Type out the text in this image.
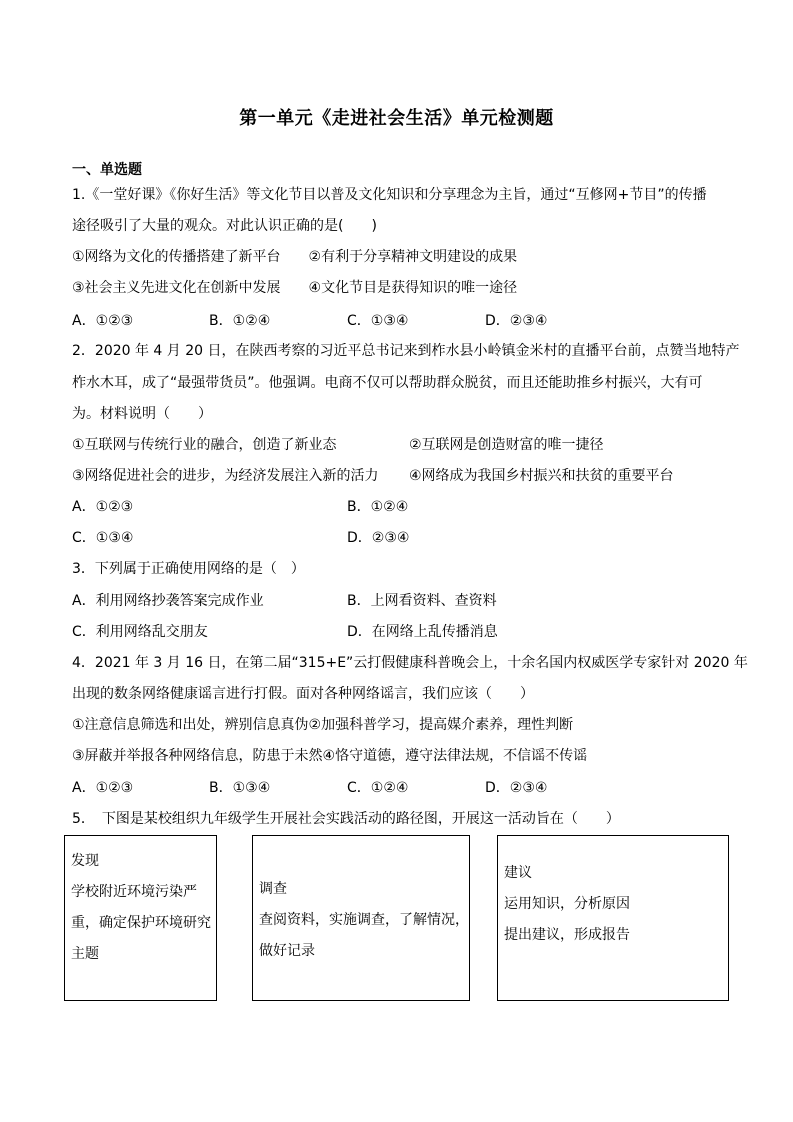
第一单元《走进社会生活》单元检测题
一、单选题
1.《一堂好课》《你好生活》等文化节目以普及文化知识和分享理念为主旨，通过“互修网+节目”的传播
途径吸引了大量的观众。对此认识正确的是(　　)
①网络为文化的传播搭建了新平台　　②有利于分享精神文明建设的成果
③社会主义先进文化在创新中发展　　④文化节目是获得知识的唯一途径
A．①②③	B．①②④	C．①③④	D．②③④
2．2020 年 4 月 20 日，在陕西考察的习近平总书记来到柞水县小岭镇金米村的直播平台前，点赞当地特产
柞水木耳，成了“最强带货员”。他强调。电商不仅可以帮助群众脱贫，而且还能助推乡村振兴，大有可
为。材料说明（　　）
①互联网与传统行业的融合，创造了新业态	②互联网是创造财富的唯一捷径
③网络促进社会的进步，为经济发展注入新的活力 ④网络成为我国乡村振兴和扶贫的重要平台
A．①②③	B．①②④
C．①③④	D．②③④
3．下列属于正确使用网络的是（　）
A．利用网络抄袭答案完成作业	B．上网看资料、查资料
C．利用网络乱交朋友	D．在网络上乱传播消息
4．2021 年 3 月 16 日，在第二届“315+E”云打假健康科普晚会上，十余名国内权威医学专家针对 2020 年
出现的数条网络健康谣言进行打假。面对各种网络谣言，我们应该（　　）
①注意信息筛选和出处，辨别信息真伪②加强科普学习，提高媒介素养，理性判断
③屏蔽并举报各种网络信息，防患于未然④恪守道德，遵守法律法规，不信谣不传谣
A．①②③	B．①③④	C．①②④	D．②③④
5．　下图是某校组织九年级学生开展社会实践活动的路径图，开展这一活动旨在（　　）
发现
学校附近环境污染严
重，确定保护环境研究
主题
调查
查阅资料，实施调查，了解情况，
做好记录
建议
运用知识，分析原因
提出建议，形成报告
